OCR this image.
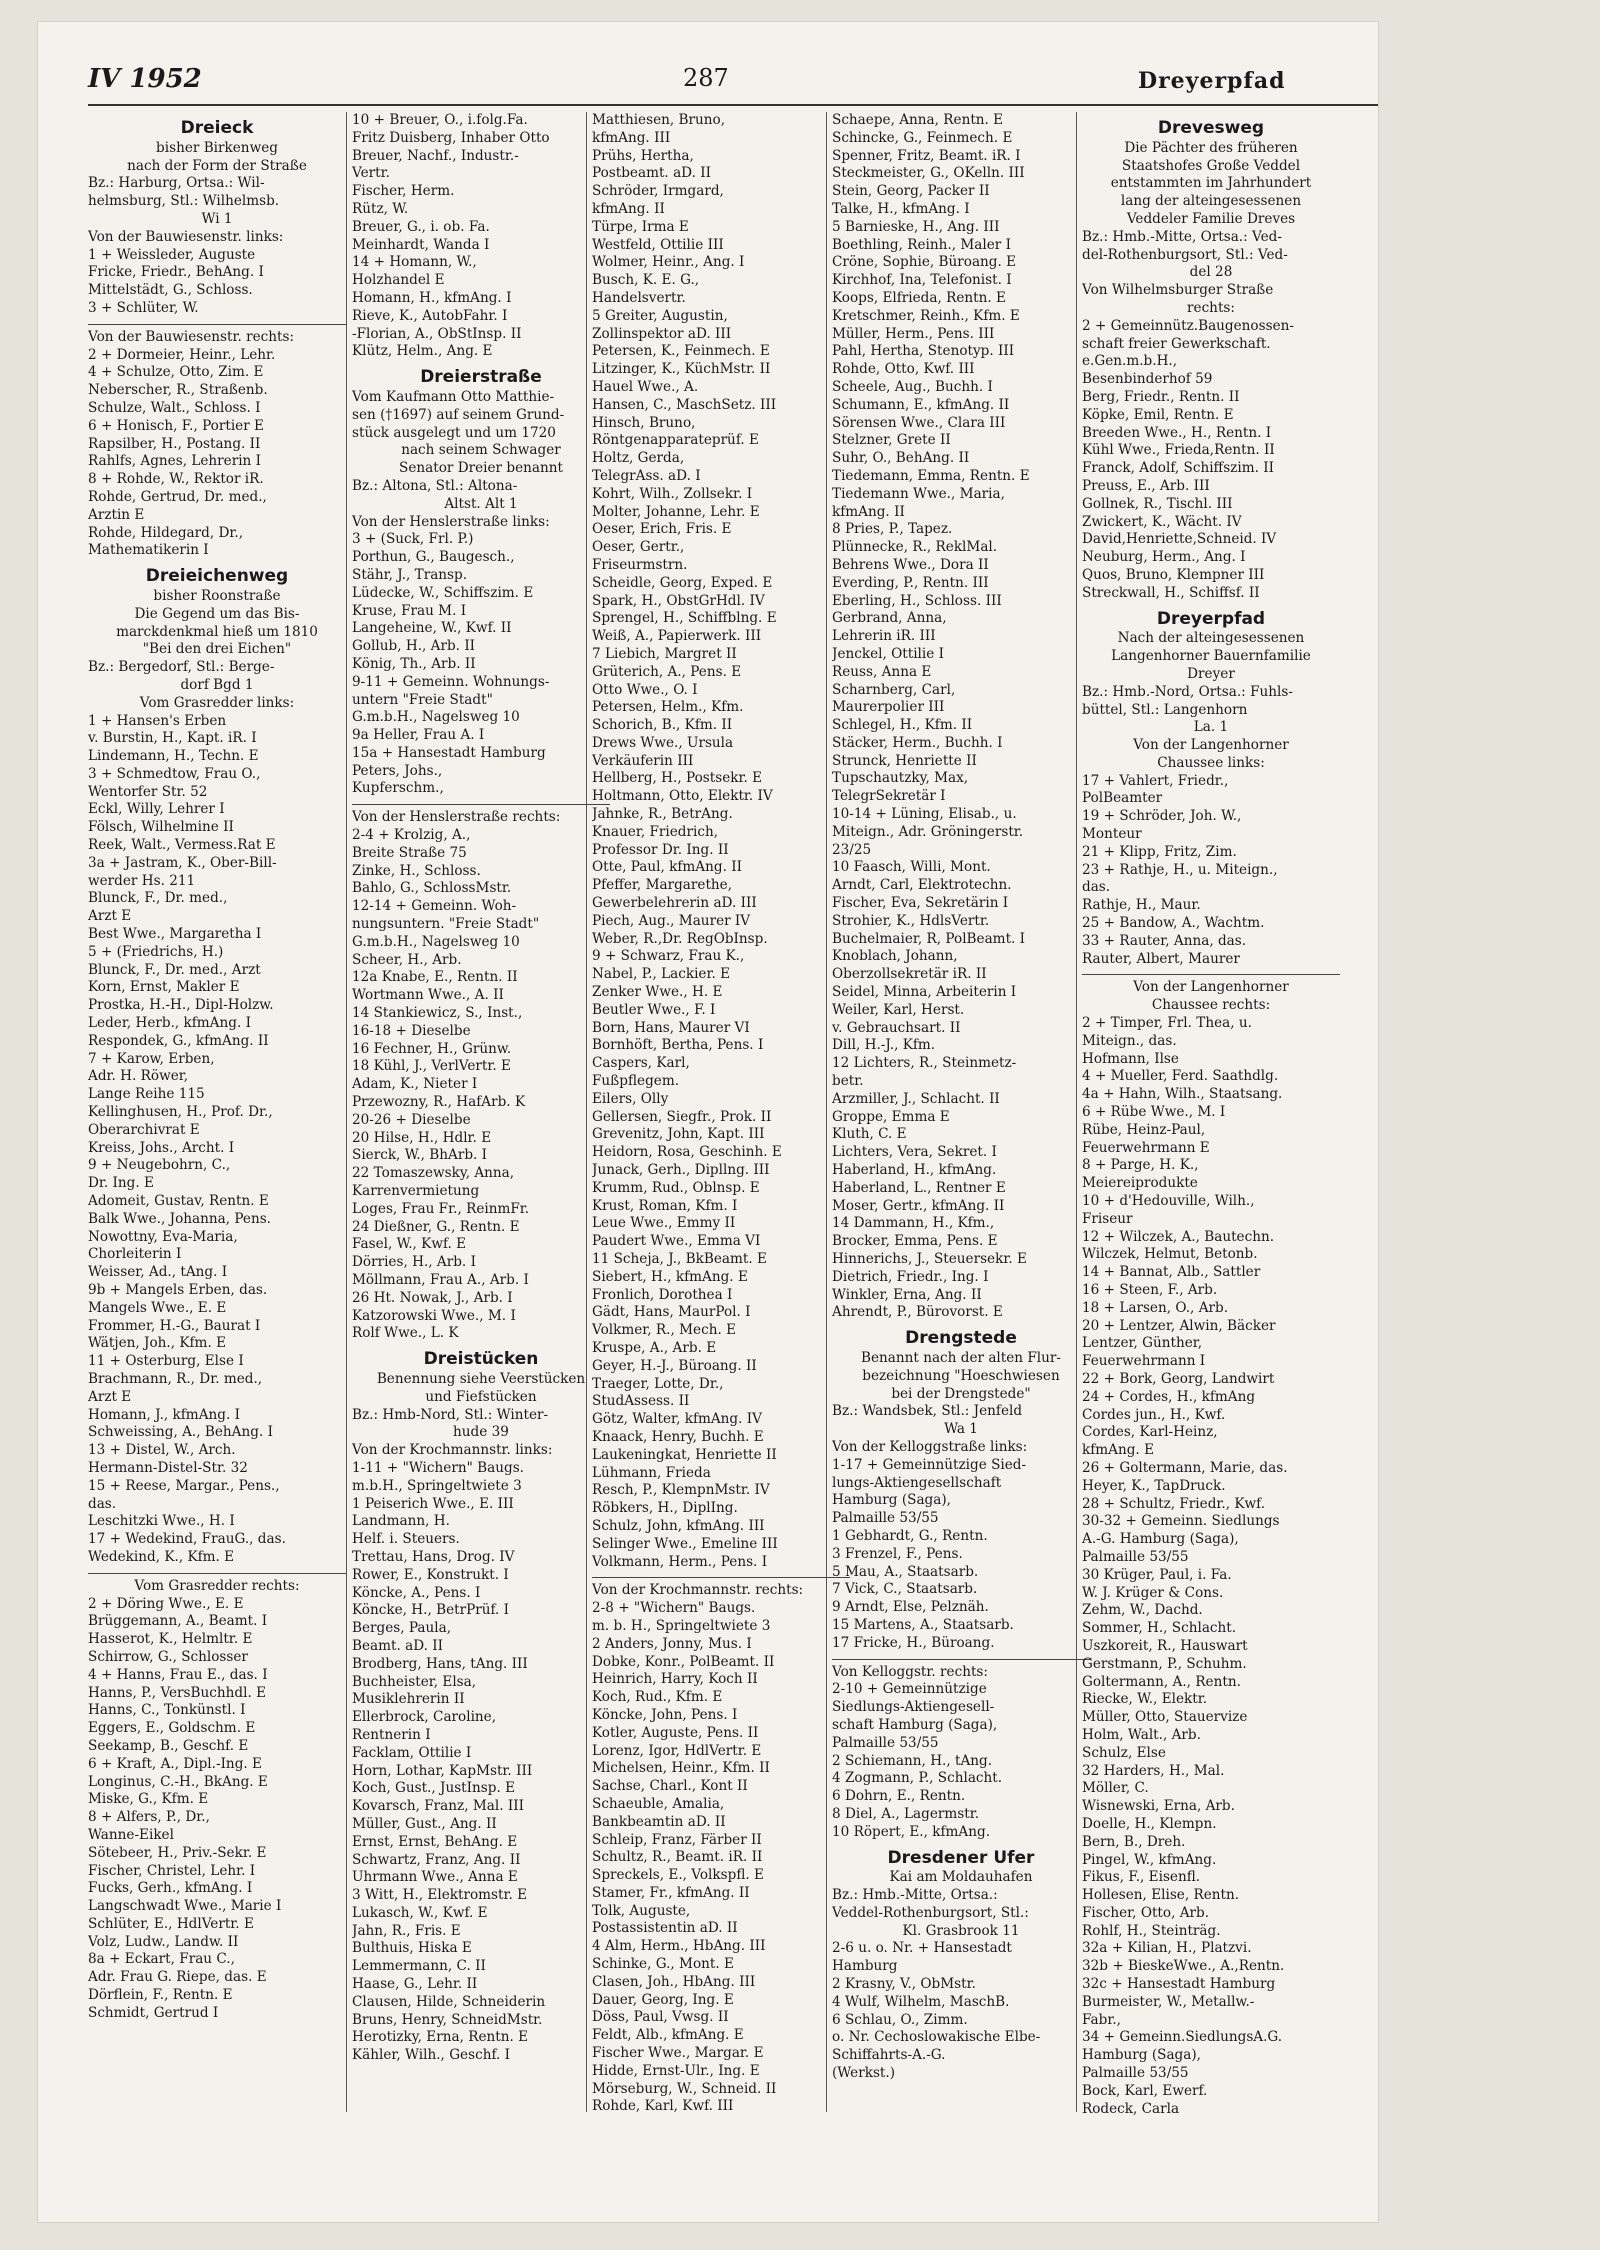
IV 1952	287	Dreyerpfad
Dreieck
bisher Birkenweg
nach der Form der Straße
Bz.: Harburg, Ortsa.: Wil-
helmsburg, Stl.: Wilhelmsb.
Wi 1
Von der Bauwiesenstr. links:
1 + Weissleder, Auguste
Fricke, Friedr., BehAng. I
Mittelstädt, G., Schloss.
3 + Schlüter, W.
Von der Bauwiesenstr. rechts:
2 + Dormeier, Heinr., Lehr.
4 + Schulze, Otto, Zim. E
Neberscher, R., Straßenb.
Schulze, Walt., Schloss. I
6 + Honisch, F., Portier E
Rapsilber, H., Postang. II
Rahlfs, Agnes, Lehrerin I
8 + Rohde, W., Rektor iR.
Rohde, Gertrud, Dr. med.,
Arztin E
Rohde, Hildegard, Dr.,
Mathematikerin I
Dreieichenweg
bisher Roonstraße
Die Gegend um das Bis-
marckdenkmal hieß um 1810
"Bei den drei Eichen"
Bz.: Bergedorf, Stl.: Berge-
dorf Bgd 1
Vom Grasredder links:
1 + Hansen's Erben
v. Burstin, H., Kapt. iR. I
Lindemann, H., Techn. E
3 + Schmedtow, Frau O.,
Wentorfer Str. 52
Eckl, Willy, Lehrer I
Fölsch, Wilhelmine II
Reek, Walt., Vermess.Rat E
3a + Jastram, K., Ober-Bill-
werder Hs. 211
Blunck, F., Dr. med.,
Arzt E
Best Wwe., Margaretha I
5 + (Friedrichs, H.)
Blunck, F., Dr. med., Arzt
Korn, Ernst, Makler E
Prostka, H.-H., Dipl-Holzw.
Leder, Herb., kfmAng. I
Respondek, G., kfmAng. II
7 + Karow, Erben,
Adr. H. Röwer,
Lange Reihe 115
Kellinghusen, H., Prof. Dr.,
Oberarchivrat E
Kreiss, Johs., Archt. I
9 + Neugebohrn, C.,
Dr. Ing. E
Adomeit, Gustav, Rentn. E
Balk Wwe., Johanna, Pens.
Nowottny, Eva-Maria,
Chorleiterin I
Weisser, Ad., tAng. I
9b + Mangels Erben, das.
Mangels Wwe., E. E
Frommer, H.-G., Baurat I
Wätjen, Joh., Kfm. E
11 + Osterburg, Else I
Brachmann, R., Dr. med.,
Arzt E
Homann, J., kfmAng. I
Schweissing, A., BehAng. I
13 + Distel, W., Arch.
Hermann-Distel-Str. 32
15 + Reese, Margar., Pens.,
das.
Leschitzki Wwe., H. I
17 + Wedekind, FrauG., das.
Wedekind, K., Kfm. E
Vom Grasredder rechts:
2 + Döring Wwe., E. E
Brüggemann, A., Beamt. I
Hasserot, K., Helmltr. E
Schirrow, G., Schlosser
4 + Hanns, Frau E., das. I
Hanns, P., VersBuchhdl. E
Hanns, C., Tonkünstl. I
Eggers, E., Goldschm. E
Seekamp, B., Geschf. E
6 + Kraft, A., Dipl.-Ing. E
Longinus, C.-H., BkAng. E
Miske, G., Kfm. E
8 + Alfers, P., Dr.,
Wanne-Eikel
Sötebeer, H., Priv.-Sekr. E
Fischer, Christel, Lehr. I
Fucks, Gerh., kfmAng. I
Langschwadt Wwe., Marie I
Schlüter, E., HdlVertr. E
Volz, Ludw., Landw. II
8a + Eckart, Frau C.,
Adr. Frau G. Riepe, das. E
Dörflein, F., Rentn. E
Schmidt, Gertrud I
10 + Breuer, O., i.folg.Fa.
Fritz Duisberg, Inhaber Otto
Breuer, Nachf., Industr.-
Vertr.
Fischer, Herm.
Rütz, W.
Breuer, G., i. ob. Fa.
Meinhardt, Wanda I
14 + Homann, W.,
Holzhandel E
Homann, H., kfmAng. I
Rieve, K., AutobFahr. I
-Florian, A., ObStInsp. II
Klütz, Helm., Ang. E
Dreierstraße
Vom Kaufmann Otto Matthie-
sen (†1697) auf seinem Grund-
stück ausgelegt und um 1720
nach seinem Schwager
Senator Dreier benannt
Bz.: Altona, Stl.: Altona-
Altst. Alt 1
Von der Henslerstraße links:
3 + (Suck, Frl. P.)
Porthun, G., Baugesch.,
Stähr, J., Transp.
Lüdecke, W., Schiffszim. E
Kruse, Frau M. I
Langeheine, W., Kwf. II
Gollub, H., Arb. II
König, Th., Arb. II
9-11 + Gemeinn. Wohnungs-
untern "Freie Stadt"
G.m.b.H., Nagelsweg 10
9a Heller, Frau A. I
15a + Hansestadt Hamburg
Peters, Johs.,
Kupferschm.,
Von der Henslerstraße rechts:
2-4 + Krolzig, A.,
Breite Straße 75
Zinke, H., Schloss.
Bahlo, G., SchlossMstr.
12-14 + Gemeinn. Woh-
nungsuntern. "Freie Stadt"
G.m.b.H., Nagelsweg 10
Scheer, H., Arb.
12a Knabe, E., Rentn. II
Wortmann Wwe., A. II
14 Stankiewicz, S., Inst.,
16-18 + Dieselbe
16 Fechner, H., Grünw.
18 Kühl, J., VerlVertr. E
Adam, K., Nieter I
Przewozny, R., HafArb. K
20-26 + Dieselbe
20 Hilse, H., Hdlr. E
Sierck, W., BhArb. I
22 Tomaszewsky, Anna,
Karrenvermietung
Loges, Frau Fr., ReinmFr.
24 Dießner, G., Rentn. E
Fasel, W., Kwf. E
Dörries, H., Arb. I
Möllmann, Frau A., Arb. I
26 Ht. Nowak, J., Arb. I
Katzorowski Wwe., M. I
Rolf Wwe., L. K
Dreistücken
Benennung siehe Veerstücken
und Fiefstücken
Bz.: Hmb-Nord, Stl.: Winter-
hude 39
Von der Krochmannstr. links:
1-11 + "Wichern" Baugs.
m.b.H., Springeltwiete 3
1 Peiserich Wwe., E. III
Landmann, H.
Helf. i. Steuers.
Trettau, Hans, Drog. IV
Rower, E., Konstrukt. I
Köncke, A., Pens. I
Köncke, H., BetrPrüf. I
Berges, Paula,
Beamt. aD. II
Brodberg, Hans, tAng. III
Buchheister, Elsa,
Musiklehrerin II
Ellerbrock, Caroline,
Rentnerin I
Facklam, Ottilie I
Horn, Lothar, KapMstr. III
Koch, Gust., JustInsp. E
Kovarsch, Franz, Mal. III
Müller, Gust., Ang. II
Ernst, Ernst, BehAng. E
Schwartz, Franz, Ang. II
Uhrmann Wwe., Anna E
3 Witt, H., Elektromstr. E
Lukasch, W., Kwf. E
Jahn, R., Fris. E
Bulthuis, Hiska E
Lemmermann, C. II
Haase, G., Lehr. II
Clausen, Hilde, Schneiderin
Bruns, Henry, SchneidMstr.
Herotizky, Erna, Rentn. E
Kähler, Wilh., Geschf. I
Matthiesen, Bruno,
kfmAng. III
Prühs, Hertha,
Postbeamt. aD. II
Schröder, Irmgard,
kfmAng. II
Türpe, Irma E
Westfeld, Ottilie III
Wolmer, Heinr., Ang. I
Busch, K. E. G.,
Handelsvertr.
5 Greiter, Augustin,
Zollinspektor aD. III
Petersen, K., Feinmech. E
Litzinger, K., KüchMstr. II
Hauel Wwe., A.
Hansen, C., MaschSetz. III
Hinsch, Bruno,
Röntgenapparateprüf. E
Holtz, Gerda,
TelegrAss. aD. I
Kohrt, Wilh., Zollsekr. I
Molter, Johanne, Lehr. E
Oeser, Erich, Fris. E
Oeser, Gertr.,
Friseurmstrn.
Scheidle, Georg, Exped. E
Spark, H., ObstGrHdl. IV
Sprengel, H., Schiffblng. E
Weiß, A., Papierwerk. III
7 Liebich, Margret II
Grüterich, A., Pens. E
Otto Wwe., O. I
Petersen, Helm., Kfm.
Schorich, B., Kfm. II
Drews Wwe., Ursula
Verkäuferin III
Hellberg, H., Postsekr. E
Holtmann, Otto, Elektr. IV
Jahnke, R., BetrAng.
Knauer, Friedrich,
Professor Dr. Ing. II
Otte, Paul, kfmAng. II
Pfeffer, Margarethe,
Gewerbelehrerin aD. III
Piech, Aug., Maurer IV
Weber, R.,Dr. RegObInsp.
9 + Schwarz, Frau K.,
Nabel, P., Lackier. E
Zenker Wwe., H. E
Beutler Wwe., F. I
Born, Hans, Maurer VI
Bornhöft, Bertha, Pens. I
Caspers, Karl,
Fußpflegem.
Eilers, Olly
Gellersen, Siegfr., Prok. II
Grevenitz, John, Kapt. III
Heidorn, Rosa, Geschinh. E
Junack, Gerh., Dipllng. III
Krumm, Rud., Oblnsp. E
Krust, Roman, Kfm. I
Leue Wwe., Emmy II
Paudert Wwe., Emma VI
11 Scheja, J., BkBeamt. E
Siebert, H., kfmAng. E
Fronlich, Dorothea I
Gädt, Hans, MaurPol. I
Volkmer, R., Mech. E
Kruspe, A., Arb. E
Geyer, H.-J., Büroang. II
Traeger, Lotte, Dr.,
StudAssess. II
Götz, Walter, kfmAng. IV
Knaack, Henry, Buchh. E
Laukeningkat, Henriette II
Lühmann, Frieda
Resch, P., KlempnMstr. IV
Röbkers, H., DiplIng.
Schulz, John, kfmAng. III
Selinger Wwe., Emeline III
Volkmann, Herm., Pens. I
Von der Krochmannstr. rechts:
2-8 + "Wichern" Baugs.
m. b. H., Springeltwiete 3
2 Anders, Jonny, Mus. I
Dobke, Konr., PolBeamt. II
Heinrich, Harry, Koch II
Koch, Rud., Kfm. E
Köncke, John, Pens. I
Kotler, Auguste, Pens. II
Lorenz, Igor, HdlVertr. E
Michelsen, Heinr., Kfm. II
Sachse, Charl., Kont II
Schaeuble, Amalia,
Bankbeamtin aD. II
Schleip, Franz, Färber II
Schultz, R., Beamt. iR. II
Spreckels, E., Volkspfl. E
Stamer, Fr., kfmAng. II
Tolk, Auguste,
Postassistentin aD. II
4 Alm, Herm., HbAng. III
Schinke, G., Mont. E
Clasen, Joh., HbAng. III
Dauer, Georg, Ing. E
Döss, Paul, Vwsg. II
Feldt, Alb., kfmAng. E
Fischer Wwe., Margar. E
Hidde, Ernst-Ulr., Ing. E
Mörseburg, W., Schneid. II
Rohde, Karl, Kwf. III
Schaepe, Anna, Rentn. E
Schincke, G., Feinmech. E
Spenner, Fritz, Beamt. iR. I
Steckmeister, G., OKelln. III
Stein, Georg, Packer II
Talke, H., kfmAng. I
5 Barnieske, H., Ang. III
Boethling, Reinh., Maler I
Cröne, Sophie, Büroang. E
Kirchhof, Ina, Telefonist. I
Koops, Elfrieda, Rentn. E
Kretschmer, Reinh., Kfm. E
Müller, Herm., Pens. III
Pahl, Hertha, Stenotyp. III
Rohde, Otto, Kwf. III
Scheele, Aug., Buchh. I
Schumann, E., kfmAng. II
Sörensen Wwe., Clara III
Stelzner, Grete II
Suhr, O., BehAng. II
Tiedemann, Emma, Rentn. E
Tiedemann Wwe., Maria,
kfmAng. II
8 Pries, P., Tapez.
Plünnecke, R., ReklMal.
Behrens Wwe., Dora II
Everding, P., Rentn. III
Eberling, H., Schloss. III
Gerbrand, Anna,
Lehrerin iR. III
Jenckel, Ottilie I
Reuss, Anna E
Scharnberg, Carl,
Maurerpolier III
Schlegel, H., Kfm. II
Stäcker, Herm., Buchh. I
Strunck, Henriette II
Tupschautzky, Max,
TelegrSekretär I
10-14 + Lüning, Elisab., u.
Miteign., Adr. Gröningerstr.
23/25
10 Faasch, Willi, Mont.
Arndt, Carl, Elektrotechn.
Fischer, Eva, Sekretärin I
Strohier, K., HdlsVertr.
Buchelmaier, R, PolBeamt. I
Knoblach, Johann,
Oberzollsekretär iR. II
Seidel, Minna, Arbeiterin I
Weiler, Karl, Herst.
v. Gebrauchsart. II
Dill, H.-J., Kfm.
12 Lichters, R., Steinmetz-
betr.
Arzmiller, J., Schlacht. II
Groppe, Emma E
Kluth, C. E
Lichters, Vera, Sekret. I
Haberland, H., kfmAng.
Haberland, L., Rentner E
Moser, Gertr., kfmAng. II
14 Dammann, H., Kfm.,
Brocker, Emma, Pens. E
Hinnerichs, J., Steuersekr. E
Dietrich, Friedr., Ing. I
Winkler, Erna, Ang. II
Ahrendt, P., Bürovorst. E
Drengstede
Benannt nach der alten Flur-
bezeichnung "Hoeschwiesen
bei der Drengstede"
Bz.: Wandsbek, Stl.: Jenfeld
Wa 1
Von der Kelloggstraße links:
1-17 + Gemeinnützige Sied-
lungs-Aktiengesellschaft
Hamburg (Saga),
Palmaille 53/55
1 Gebhardt, G., Rentn.
3 Frenzel, F., Pens.
5 Mau, A., Staatsarb.
7 Vick, C., Staatsarb.
9 Arndt, Else, Pelznäh.
15 Martens, A., Staatsarb.
17 Fricke, H., Büroang.
Von Kelloggstr. rechts:
2-10 + Gemeinnützige
Siedlungs-Aktiengesell-
schaft Hamburg (Saga),
Palmaille 53/55
2 Schiemann, H., tAng.
4 Zogmann, P., Schlacht.
6 Dohrn, E., Rentn.
8 Diel, A., Lagermstr.
10 Röpert, E., kfmAng.
Dresdener Ufer
Kai am Moldauhafen
Bz.: Hmb.-Mitte, Ortsa.:
Veddel-Rothenburgsort, Stl.:
Kl. Grasbrook 11
2-6 u. o. Nr. + Hansestadt
Hamburg
2 Krasny, V., ObMstr.
4 Wulf, Wilhelm, MaschB.
6 Schlau, O., Zimm.
o. Nr. Cechoslowakische Elbe-
Schiffahrts-A.-G.
(Werkst.)
Drevesweg
Die Pächter des früheren
Staatshofes Große Veddel
entstammten im Jahrhundert
lang der alteingesessenen
Veddeler Familie Dreves
Bz.: Hmb.-Mitte, Ortsa.: Ved-
del-Rothenburgsort, Stl.: Ved-
del 28
Von Wilhelmsburger Straße
rechts:
2 + Gemeinnütz.Baugenossen-
schaft freier Gewerkschaft.
e.Gen.m.b.H.,
Besenbinderhof 59
Berg, Friedr., Rentn. II
Köpke, Emil, Rentn. E
Breeden Wwe., H., Rentn. I
Kühl Wwe., Frieda,Rentn. II
Franck, Adolf, Schiffszim. II
Preuss, E., Arb. III
Gollnek, R., Tischl. III
Zwickert, K., Wächt. IV
David,Henriette,Schneid. IV
Neuburg, Herm., Ang. I
Quos, Bruno, Klempner III
Streckwall, H., Schiffsf. II
Dreyerpfad
Nach der alteingesessenen
Langenhorner Bauernfamilie
Dreyer
Bz.: Hmb.-Nord, Ortsa.: Fuhls-
büttel, Stl.: Langenhorn
La. 1
Von der Langenhorner
Chaussee links:
17 + Vahlert, Friedr.,
PolBeamter
19 + Schröder, Joh. W.,
Monteur
21 + Klipp, Fritz, Zim.
23 + Rathje, H., u. Miteign.,
das.
Rathje, H., Maur.
25 + Bandow, A., Wachtm.
33 + Rauter, Anna, das.
Rauter, Albert, Maurer
Von der Langenhorner
Chaussee rechts:
2 + Timper, Frl. Thea, u.
Miteign., das.
Hofmann, Ilse
4 + Mueller, Ferd. Saathdlg.
4a + Hahn, Wilh., Staatsang.
6 + Rübe Wwe., M. I
Rübe, Heinz-Paul,
Feuerwehrmann E
8 + Parge, H. K.,
Meiereiprodukte
10 + d'Hedouville, Wilh.,
Friseur
12 + Wilczek, A., Bautechn.
Wilczek, Helmut, Betonb.
14 + Bannat, Alb., Sattler
16 + Steen, F., Arb.
18 + Larsen, O., Arb.
20 + Lentzer, Alwin, Bäcker
Lentzer, Günther,
Feuerwehrmann I
22 + Bork, Georg, Landwirt
24 + Cordes, H., kfmAng
Cordes jun., H., Kwf.
Cordes, Karl-Heinz,
kfmAng. E
26 + Goltermann, Marie, das.
Heyer, K., TapDruck.
28 + Schultz, Friedr., Kwf.
30-32 + Gemeinn. Siedlungs
A.-G. Hamburg (Saga),
Palmaille 53/55
30 Krüger, Paul, i. Fa.
W. J. Krüger & Cons.
Zehm, W., Dachd.
Sommer, H., Schlacht.
Uszkoreit, R., Hauswart
Gerstmann, P., Schuhm.
Goltermann, A., Rentn.
Riecke, W., Elektr.
Müller, Otto, Stauervize
Holm, Walt., Arb.
Schulz, Else
32 Harders, H., Mal.
Möller, C.
Wisnewski, Erna, Arb.
Doelle, H., Klempn.
Bern, B., Dreh.
Pingel, W., kfmAng.
Fikus, F., Eisenfl.
Hollesen, Elise, Rentn.
Fischer, Otto, Arb.
Rohlf, H., Steinträg.
32a + Kilian, H., Platzvi.
32b + BieskeWwe., A.,Rentn.
32c + Hansestadt Hamburg
Burmeister, W., Metallw.-
Fabr.,
34 + Gemeinn.SiedlungsA.G.
Hamburg (Saga),
Palmaille 53/55
Bock, Karl, Ewerf.
Rodeck, Carla
